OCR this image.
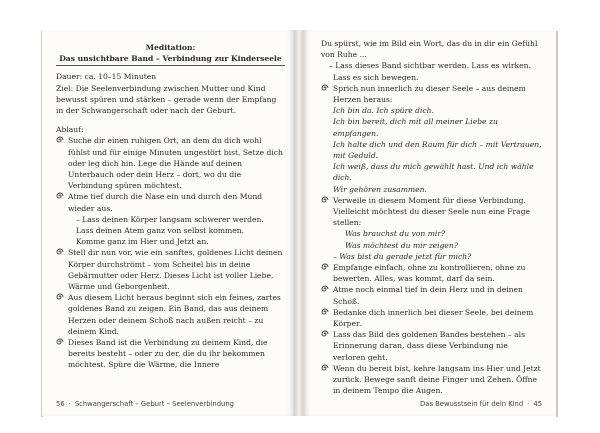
Meditation:

Das unsichtbare Band – Verbindung zur Kinderseele

Dauer: ca. 10–15 Minuten

Ziel: Die Seelenverbindung zwischen Mutter und Kind bewusst spüren und stärken – gerade wenn der Empfang in der Schwangerschaft oder nach der Geburt.

Ablauf:

Suche dir einen ruhigen Ort, an dem du dich wohl fühlst und für einige Minuten ungestört bist. Setze dich oder leg dich hin. Lege die Hände auf deinen Unterbauch oder dein Herz – dort, wo du die Verbindung spüren möchtest.

Atme tief durch die Nase ein und durch den Mund wieder aus.

– Lass deinen Körper langsam schwerer werden.

Lass deinen Atem ganz von selbst kommen.

Komme ganz im Hier und Jetzt an.

Stell dir nun vor, wie ein sanftes, goldenes Licht deinen Körper durchströmt – vom Scheitel bis in deine Gebärmutter oder Herz. Dieses Licht ist voller Liebe, Wärme und Geborgenheit.

Aus diesem Licht heraus beginnt sich ein feines, zartes goldenes Band zu zeigen. Ein Band, das aus deinem Herzen oder deinem Schoß nach außen reicht – zu deinem Kind.

Dieses Band ist die Verbindung zu deinem Kind, die bereits besteht – oder zu der, die du ihr bekommen möchtest. Spüre die Wärme, die Innere

56 · Schwangerschaft – Geburt – Seelenverbindung

Du spürst, wie im Bild ein Wort, das du in dir ein Gefühl von Ruhe ...

– Lass dieses Band sichtbar werden. Lass es wirken.

Lass es sich bewegen.

Sprich nun innerlich zu dieser Seele – aus deinem Herzen heraus:

Ich bin da. Ich spüre dich.

Ich bin bereit, dich mit all meiner Liebe zu empfangen.

Ich halte dich und den Raum für dich – mit Vertrauen, mit Geduld.

Ich weiß, dass du mich gewählt hast. Und ich wähle dich.

Wir gehören zusammen.

Verweile in diesem Moment für diese Verbindung. Vielleicht möchtest du dieser Seele nun eine Frage stellen:

Was brauchst du von mir?

Was möchtest du mir zeigen?

– Was bist du gerade jetzt für mich?

Empfange einfach, ohne zu kontrollieren, ohne zu bewerten. Alles, was kommt, darf da sein.

Atme noch einmal tief in dein Herz und in deinen Schoß.

Bedanke dich innerlich bei dieser Seele, bei deinem Körper.

Lass das Bild des goldenen Bandes bestehen – als Erinnerung daran, dass diese Verbindung nie verloren geht.

Wenn du bereit bist, kehre langsam ins Hier und Jetzt zurück. Bewege sanft deine Finger und Zehen. Öffne in deinem Tempo die Augen.

Das Bewusstsein für dein Kind · 45
